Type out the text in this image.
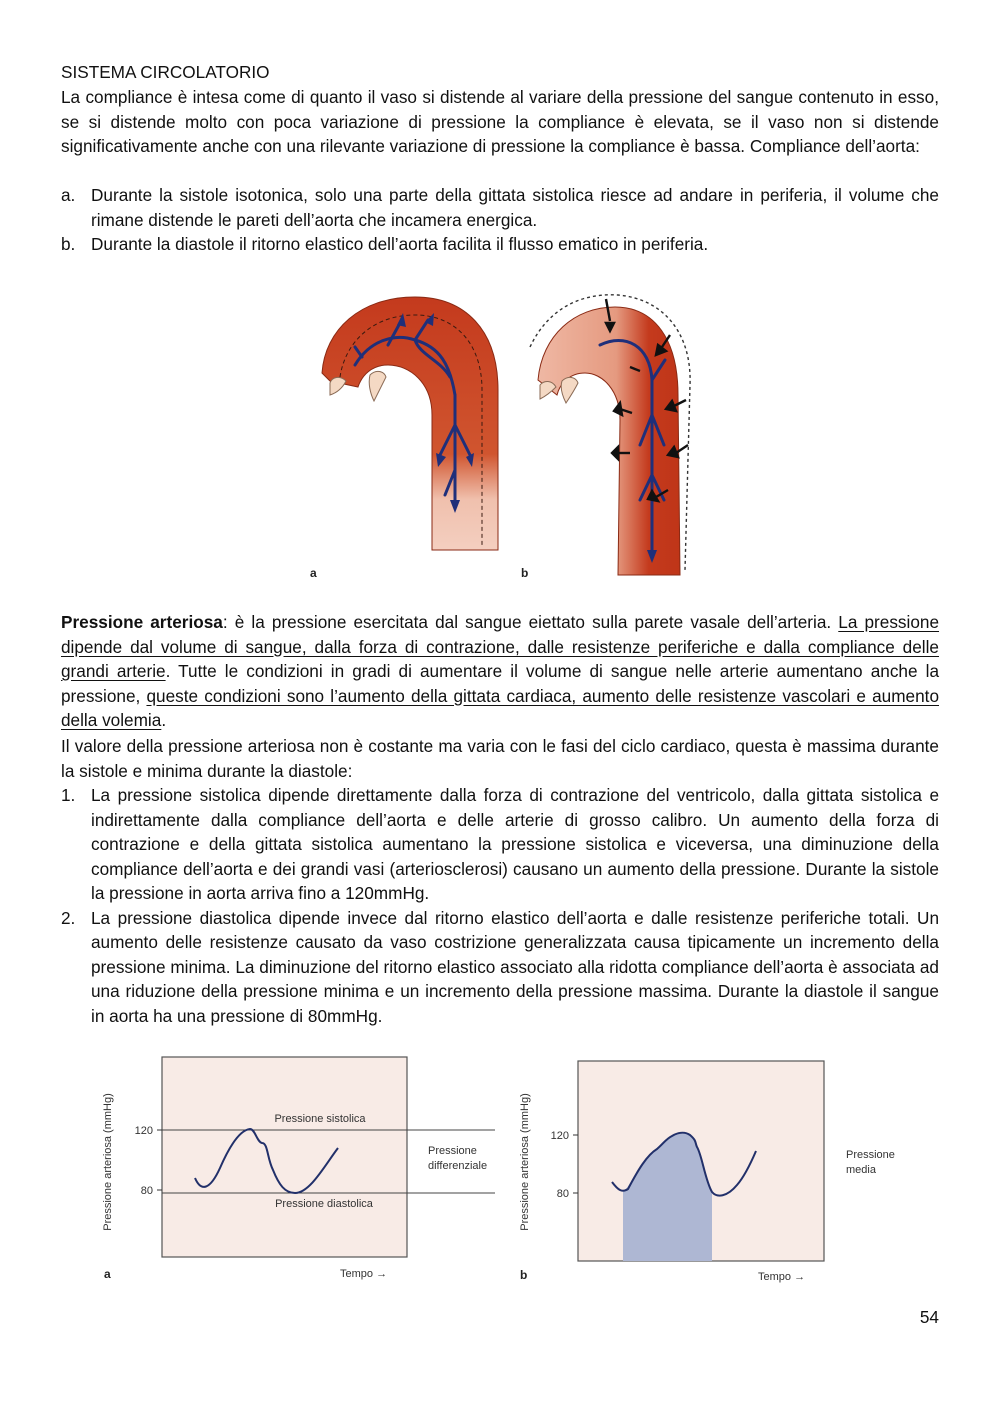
SISTEMA CIRCOLATORIO
La compliance è intesa come di quanto il vaso si distende al variare della pressione del sangue contenuto in esso, se si distende molto con poca variazione di pressione la compliance è elevata, se il vaso non si distende significativamente anche con una rilevante variazione di pressione la compliance è bassa. Compliance dell’aorta:
a. Durante la sistole isotonica, solo una parte della gittata sistolica riesce ad andare in periferia, il volume che rimane distende le pareti dell’aorta che incamera energica.
b. Durante la diastole il ritorno elastico dell’aorta facilita il flusso ematico in periferia.
a	b
Pressione arteriosa: è la pressione esercitata dal sangue eiettato sulla parete vasale dell’arteria. La pressione dipende dal volume di sangue, dalla forza di contrazione, dalle resistenze periferiche e dalla compliance delle grandi arterie. Tutte le condizioni in gradi di aumentare il volume di sangue nelle arterie aumentano anche la pressione, queste condizioni sono l’aumento della gittata cardiaca, aumento delle resistenze vascolari e aumento della volemia.
Il valore della pressione arteriosa non è costante ma varia con le fasi del ciclo cardiaco, questa è massima durante la sistole e minima durante la diastole:
1. La pressione sistolica dipende direttamente dalla forza di contrazione del ventricolo, dalla gittata sistolica e indirettamente dalla compliance dell’aorta e delle arterie di grosso calibro. Un aumento della forza di contrazione e della gittata sistolica aumentano la pressione sistolica e viceversa, una diminuzione della compliance dell’aorta e dei grandi vasi (arteriosclerosi) causano un aumento della pressione. Durante la sistole la pressione in aorta arriva fino a 120mmHg.
2. La pressione diastolica dipende invece dal ritorno elastico dell’aorta e dalle resistenze periferiche totali. Un aumento delle resistenze causato da vaso costrizione generalizzata causa tipicamente un incremento della pressione minima. La diminuzione del ritorno elastico associato alla ridotta compliance dell’aorta è associata ad una riduzione della pressione minima e un incremento della pressione massima. Durante la diastole il sangue in aorta ha una pressione di 80mmHg.
Pressione arteriosa (mmHg) 120
80
Pressione sistolica
Pressione diastolica
Pressione
differenziale
Tempo →
a
Pressione arteriosa (mmHg) 120
80
Pressione
media
Tempo →
b
54
